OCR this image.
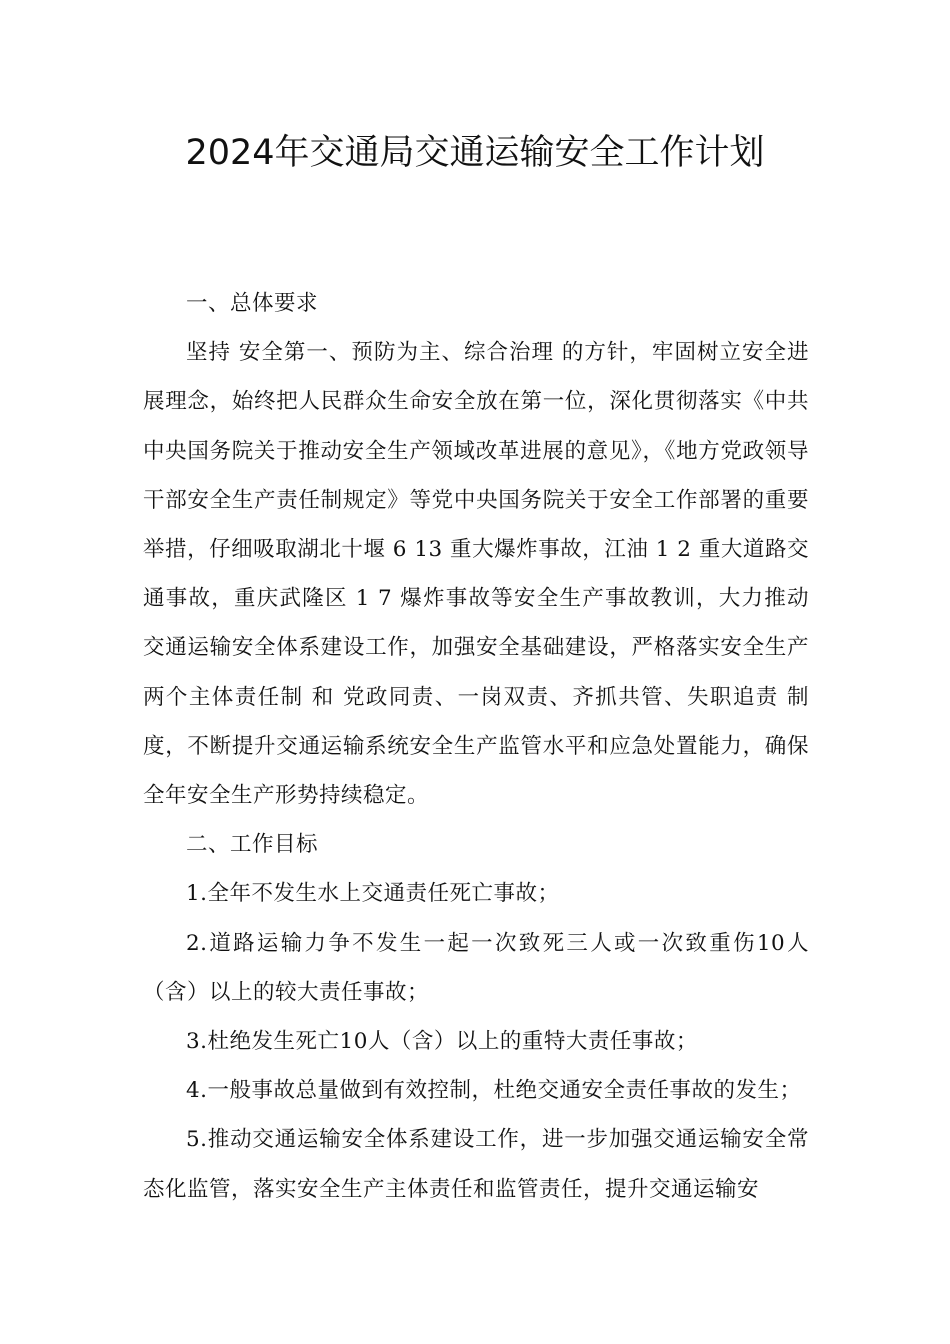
2024年交通局交通运输安全工作计划

一、总体要求

坚持 安全第一、预防为主、综合治理 的方针，牢固树立安全进展理念，始终把人民群众生命安全放在第一位，深化贯彻落实《中共中央国务院关于推动安全生产领域改革进展的意见》，《地方党政领导干部安全生产责任制规定》等党中央国务院关于安全工作部署的重要举措，仔细吸取湖北十堰 6 13 重大爆炸事故，江油 1 2 重大道路交通事故，重庆武隆区 1 7 爆炸事故等安全生产事故教训，大力推动交通运输安全体系建设工作，加强安全基础建设，严格落实安全生产 两个主体责任制 和 党政同责、一岗双责、齐抓共管、失职追责 制度，不断提升交通运输系统安全生产监管水平和应急处置能力，确保全年安全生产形势持续稳定。

二、工作目标

1.全年不发生水上交通责任死亡事故；

2.道路运输力争不发生一起一次致死三人或一次致重伤10人（含）以上的较大责任事故；

3.杜绝发生死亡10人（含）以上的重特大责任事故；

4.一般事故总量做到有效控制，杜绝交通安全责任事故的发生；

5.推动交通运输安全体系建设工作，进一步加强交通运输安全常态化监管，落实安全生产主体责任和监管责任，提升交通运输安
